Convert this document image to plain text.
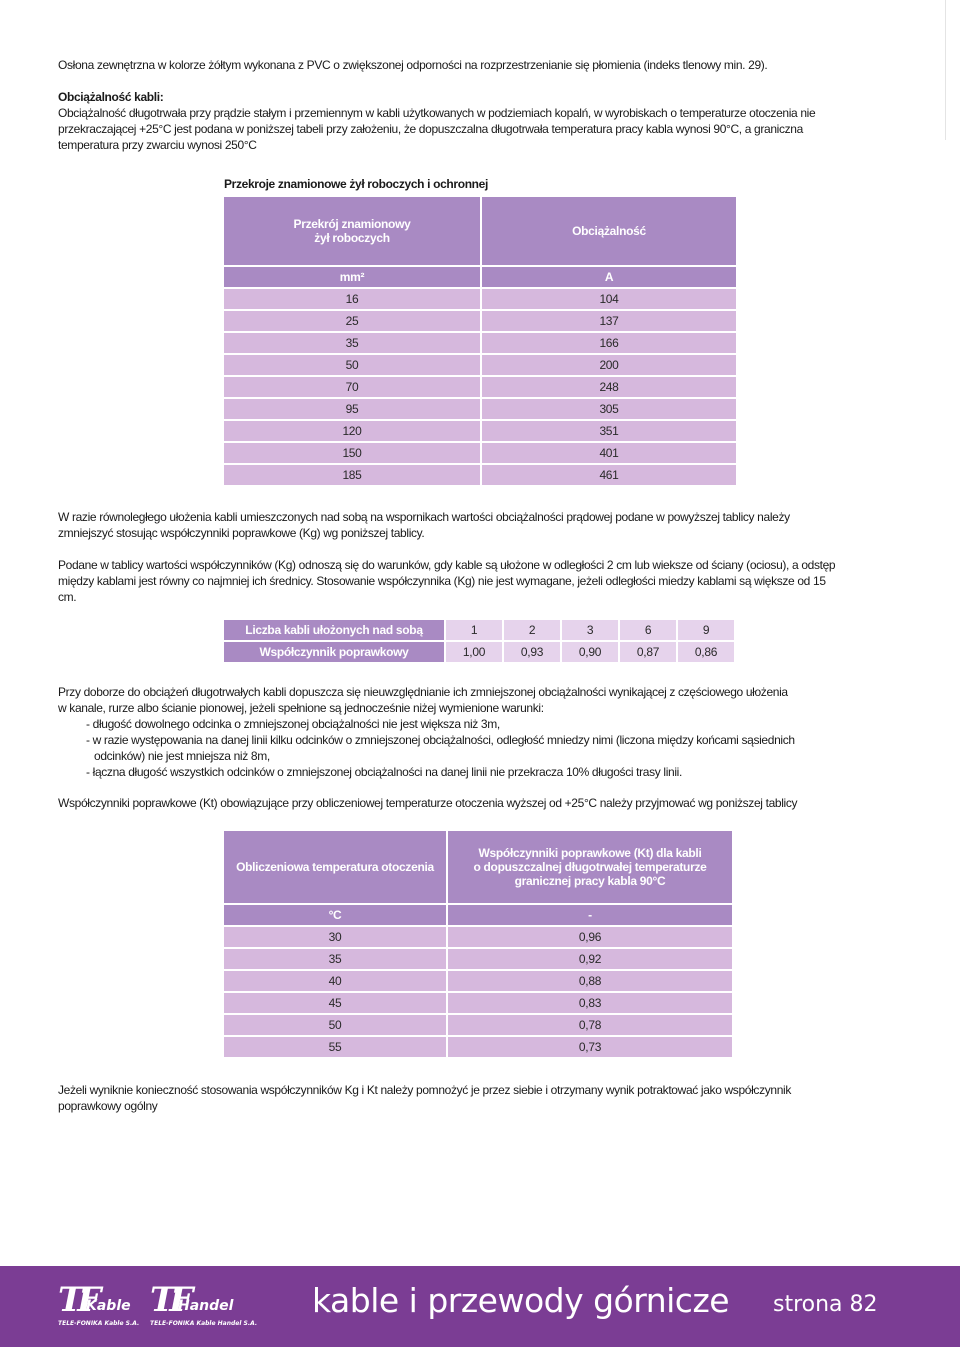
Osłona zewnętrzna w kolorze żółtym wykonana z PVC o zwiększonej odporności na rozprzestrzenianie się płomienia (indeks tlenowy min. 29).

Obciążalność kabli:

Obciążalność długotrwała przy prądzie stałym i przemiennym w kabli użytkowanych w podziemiach kopalń, w wyrobiskach o temperaturze otoczenia nie przekraczającej +25°C jest podana w poniższej tabeli przy założeniu, że dopuszczalna długotrwała temperatura pracy kabla wynosi 90°C, a graniczna temperatura przy zwarciu wynosi 250°C

Przekroje znamionowe żył roboczych i ochronnej
Przekrój znamionowy
żył roboczych	Obciążalność
mm²	A
16	104
25	137
35	166
50	200
70	248
95	305
120	351
150	401
185	461

W razie równoległego ułożenia kabli umieszczonych nad sobą na wspornikach wartości obciążalności prądowej podane w powyższej tablicy należy zmniejszyć stosując współczynniki poprawkowe (Kg) wg poniższej tablicy.

Podane w tablicy wartości współczynników (Kg) odnoszą się do warunków, gdy kable są ułożone w odległości 2 cm lub wieksze od ściany (ociosu), a odstęp między kablami jest równy co najmniej ich średnicy. Stosowanie współczynnika (Kg) nie jest wymagane, jeżeli odległości miedzy kablami są większe od 15 cm.

Liczba kabli ułożonych nad sobą	1	2	3	6	9
Współczynnik poprawkowy	1,00	0,93	0,90	0,87	0,86

Przy doborze do obciążeń długotrwałych kabli dopuszcza się nieuwzględnianie ich zmniejszonej obciążalności wynikającej z częściowego ułożenia
w kanale, rurze albo ścianie pionowej, jeżeli spełnione są jednocześnie niżej wymienione warunki:

- długość dowolnego odcinka o zmniejszonej obciążalności nie jest większa niż 3m,
- w razie występowania na danej linii kilku odcinków o zmniejszonej obciążalności, odległość mniedzy nimi (liczona między końcami sąsiednich odcinków) nie jest mniejsza niż 8m,
- łączna długość wszystkich odcinków o zmniejszonej obciążalności na danej linii nie przekracza 10% długości trasy linii.

Współczynniki poprawkowe (Kt) obowiązujące przy obliczeniowej temperaturze otoczenia wyższej od +25°C należy przyjmować wg poniższej tablicy

Obliczeniowa temperatura otoczenia	Współczynniki poprawkowe (Kt) dla kabli
o dopuszczalnej długotrwałej temperaturze
granicznej pracy kabla 90°C

°C	-
30	0,96
35	0,92
40	0,88
45	0,83
50	0,78
55	0,73

Jeżeli wyniknie konieczność stosowania współczynników Kg i Kt należy pomnożyć je przez siebie i otrzymany wynik potraktować jako współczynnik poprawkowy ogólny

TF
Kable
TELE-FONIKA Kable S.A.
TF
Handel
TELE-FONIKA Kable Handel S.A.
kable i przewody górnicze strona 82
